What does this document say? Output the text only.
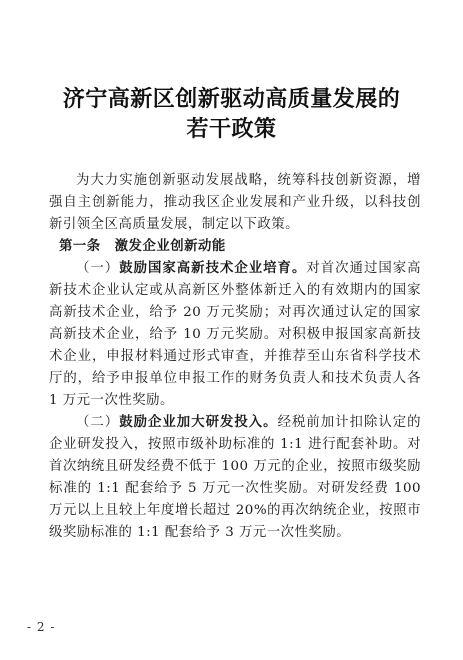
济宁高新区创新驱动高质量发展的
若干政策

为大力实施创新驱动发展战略，统筹科技创新资源，增强自主创新能力，推动我区企业发展和产业升级，以科技创新引领全区高质量发展，制定以下政策。

第一条 激发企业创新动能

（一）鼓励国家高新技术企业培育。对首次通过国家高新技术企业认定或从高新区外整体新迁入的有效期内的国家高新技术企业，给予 20 万元奖励；对再次通过认定的国家高新技术企业，给予 10 万元奖励。对积极申报国家高新技术企业，申报材料通过形式审查，并推荐至山东省科学技术厅的，给予申报单位申报工作的财务负责人和技术负责人各 1 万元一次性奖励。

（二）鼓励企业加大研发投入。经税前加计扣除认定的企业研发投入，按照市级补助标准的 1:1 进行配套补助。对首次纳统且研发经费不低于 100 万元的企业，按照市级奖励标准的 1:1 配套给予 5 万元一次性奖励。对研发经费 100 万元以上且较上年度增长超过 20%的再次纳统企业，按照市级奖励标准的 1:1 配套给予 3 万元一次性奖励。

- 2 -
